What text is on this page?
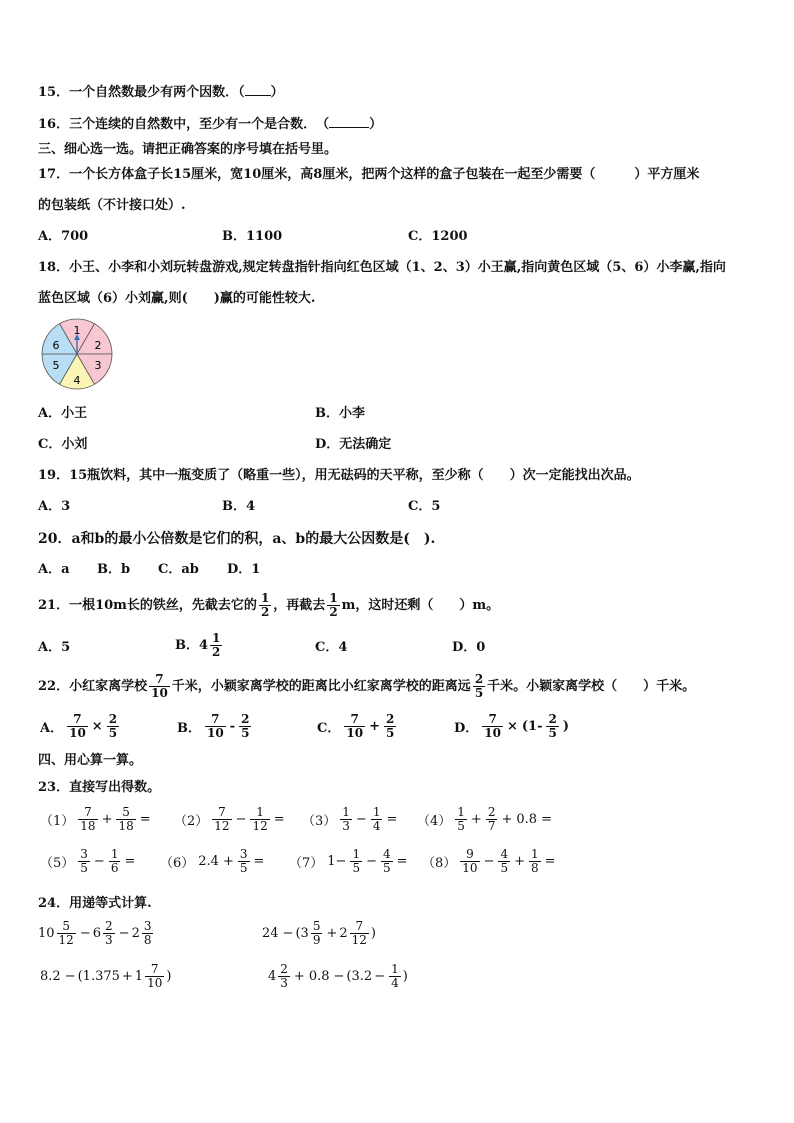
15．一个自然数最少有两个因数．（ ）
16．三个连续的自然数中，至少有一个是合数．　（	）
三、细心选一选。请把正确答案的序号填在括号里。
17．一个长方体盒子长15厘米，宽10厘米，高8厘米，把两个这样的盒子包装在一起至少需要（　　　）平方厘米
的包装纸（不计接口处）.
A．700	B．1100	C．1200
18．小王、小李和小刘玩转盘游戏,规定转盘指针指向红色区域（1、2、3）小王赢,指向黄色区域（5、6）小李赢,指向
蓝色区域（6）小刘赢,则(　　)赢的可能性较大.
1
2
3
4
5
6
A．小王	B．小李
C．小刘	D．无法确定
19．15瓶饮料，其中一瓶变质了（略重一些），用无砝码的天平称，至少称（　　）次一定能找出次品。
A．3	B．4	C．5
20．a和b的最小公倍数是它们的积，a、b的最大公因数是(　).
A．a B．b C．ab D．1
21．一根10m长的铁丝，先截去它的 $\frac{1}{2}$ ，再截去 $\frac{1}{2}$ m，这时还剩（　　）m。
A．5	B．$4 \frac{1}{2}$	C．4	D．0
22．小红家离学校 $\frac{7}{10}$ 千米，小颖家离学校的距离比小红家离学校的距离远 $\frac{2}{5}$ 千米。小颖家离学校（　　）千米。
A． $\frac{7}{10} \times \frac{2}{5}$	B． $\frac{7}{10} - \frac{2}{5}$	C． $\frac{7}{10} + \frac{2}{5}$	D． $\frac{7}{10} \times (1- \frac{2}{5}$ )
四、用心算一算。
23．直接写出得数。
$(1) \frac{7}{18} + \frac{5}{18} = (2) \frac{7}{12} - \frac{1}{12} = (3) \frac{1}{3} - \frac{1}{4} = (4) \frac{1}{5} + \frac{2}{7} + 0.8$ =
$(5) \frac{3}{5} - \frac{1}{6} = (6) 2.4 + \frac{3}{5} = (7)$ $1- \frac{1}{5} - \frac{4}{5} = (8) \frac{9}{10} - \frac{4}{5} + \frac{1}{8}$ =
24．用递等式计算.
$10 \frac{5}{12} - 6 \frac{2}{3} - 2 \frac{3}{8}$	24 − ( $3 \frac{5}{9} + 2 \frac{7}{12}$ )
8.2 − ( $1.375 + 1 \frac{7}{10}$ )	$4 \frac{2}{3} + 0.8$ − ( $3.2 - \frac{1}{4}$ )
